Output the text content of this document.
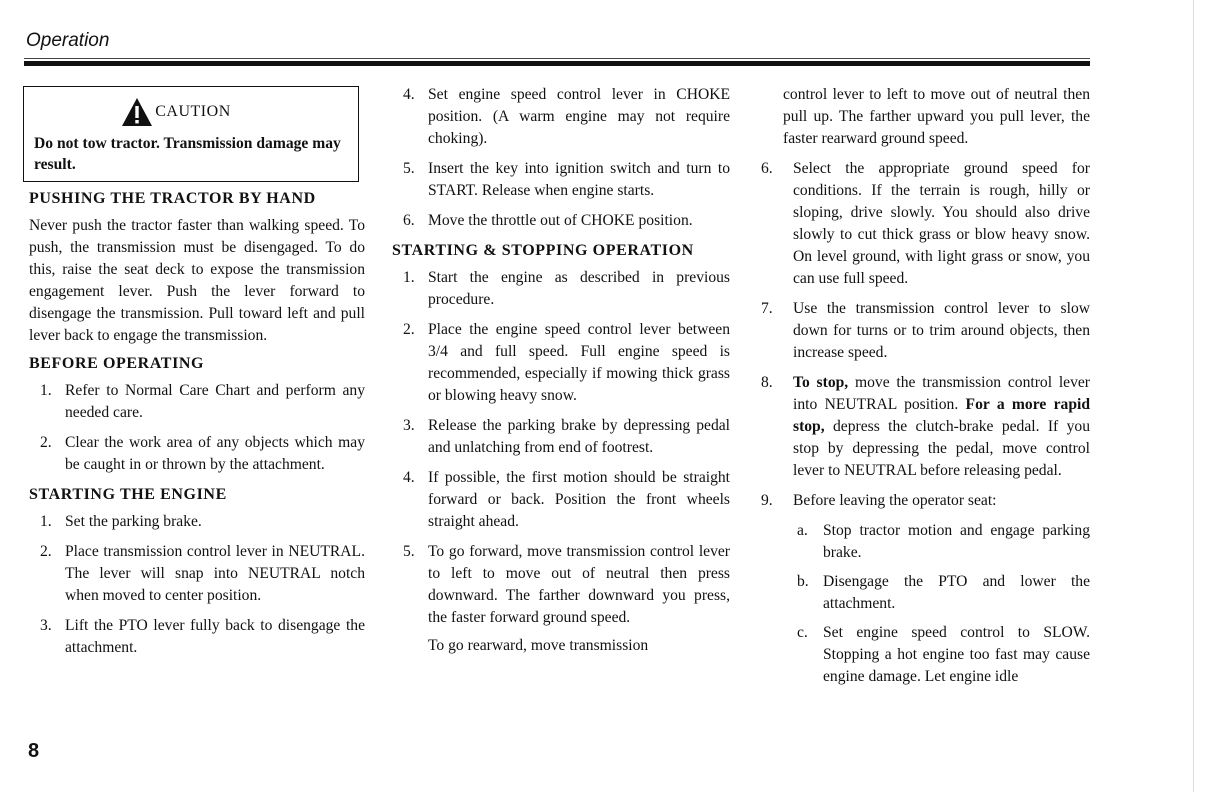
Operation
CAUTION
Do not tow tractor. Transmission damage may result.
PUSHING THE TRACTOR BY HAND

Never push the tractor faster than walking speed. To push, the transmission must be disengaged. To do this, raise the seat deck to expose the transmission engagement lever. Push the lever forward to disengage the transmission. Pull toward left and pull lever back to engage the transmission.

BEFORE OPERATING
1. Refer to Normal Care Chart and perform any needed care.
2. Clear the work area of any objects which may be caught in or thrown by the attachment.
STARTING THE ENGINE
1. Set the parking brake.
2. Place transmission control lever in NEUTRAL. The lever will snap into NEUTRAL notch when moved to center position.
3. Lift the PTO lever fully back to disengage the attachment.
4. Set engine speed control lever in CHOKE position. (A warm engine may not require choking).
5. Insert the key into ignition switch and turn to START. Release when engine starts.
6. Move the throttle out of CHOKE position.
STARTING & STOPPING OPERATION
1. Start the engine as described in previous procedure.
2. Place the engine speed control lever between 3/4 and full speed. Full engine speed is recommended, especially if mowing thick grass or blowing heavy snow.
3. Release the parking brake by depressing pedal and unlatching from end of footrest.
4. If possible, the first motion should be straight forward or back. Position the front wheels straight ahead.
5. To go forward, move transmission control lever to left to move out of neutral then press downward. The farther downward you press, the faster forward ground speed.

To go rearward, move transmission

control lever to left to move out of neutral then pull up. The farther upward you pull lever, the faster rearward ground speed.

6. Select the appropriate ground speed for conditions. If the terrain is rough, hilly or sloping, drive slowly. You should also drive slowly to cut thick grass or blow heavy snow. On level ground, with light grass or snow, you can use full speed.
7. Use the transmission control lever to slow down for turns or to trim around objects, then increase speed.
8. To stop, move the transmission control lever into NEUTRAL position. For a more rapid stop, depress the clutch-brake pedal. If you stop by depressing the pedal, move control lever to NEUTRAL before releasing pedal.
9. Before leaving the operator seat:
a. Stop tractor motion and engage parking brake.
b. Disengage the PTO and lower the attachment.
c. Set engine speed control to SLOW. Stopping a hot engine too fast may cause engine damage. Let engine idle
8
